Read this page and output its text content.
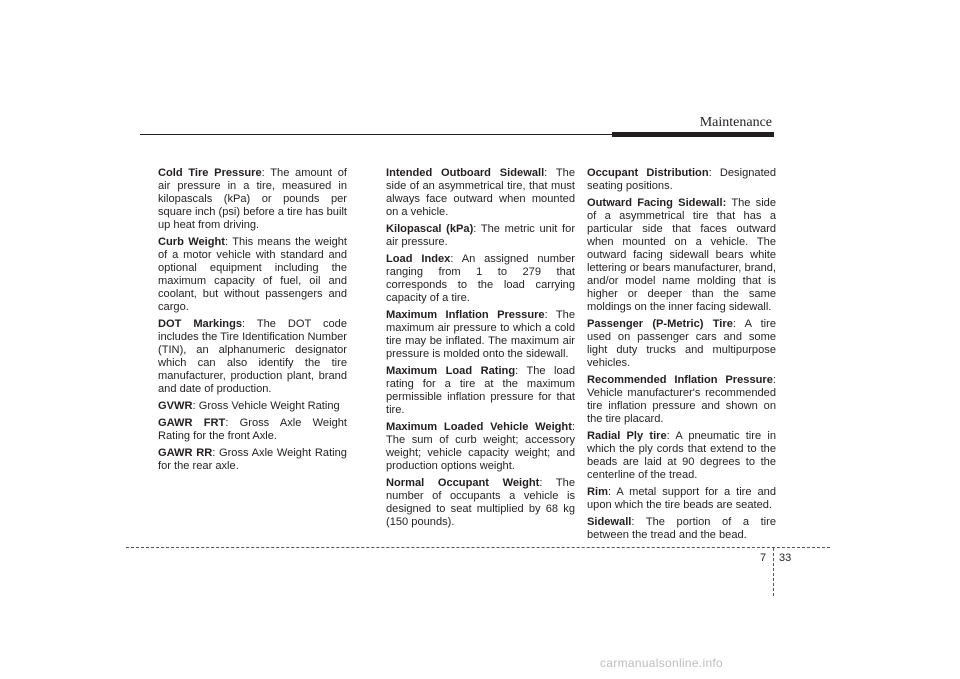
Maintenance

Cold Tire Pressure: The amount of air pressure in a tire, measured in kilopascals (kPa) or pounds per square inch (psi) before a tire has built up heat from driving.

Curb Weight: This means the weight of a motor vehicle with standard and optional equipment including the maximum capacity of fuel, oil and coolant, but without passengers and cargo.

DOT Markings: The DOT code includes the Tire Identification Number (TIN), an alphanumeric designator which can also identify the tire manufacturer, production plant, brand and date of production.

GVWR: Gross Vehicle Weight Rating

GAWR FRT: Gross Axle Weight Rating for the front Axle.

GAWR RR: Gross Axle Weight Rating for the rear axle.

Intended Outboard Sidewall: The side of an asymmetrical tire, that must always face outward when mounted on a vehicle.

Kilopascal (kPa): The metric unit for air pressure.

Load Index: An assigned number ranging from 1 to 279 that corresponds to the load carrying capacity of a tire.

Maximum Inflation Pressure: The maximum air pressure to which a cold tire may be inflated. The maximum air pressure is molded onto the sidewall.

Maximum Load Rating: The load rating for a tire at the maximum permissible inflation pressure for that tire.

Maximum Loaded Vehicle Weight: The sum of curb weight; accessory weight; vehicle capacity weight; and production options weight.

Normal Occupant Weight: The number of occupants a vehicle is designed to seat multiplied by 68 kg (150 pounds).

Occupant Distribution: Designated seating positions.

Outward Facing Sidewall: The side of a asymmetrical tire that has a particular side that faces outward when mounted on a vehicle. The outward facing sidewall bears white lettering or bears manufacturer, brand, and/or model name molding that is higher or deeper than the same moldings on the inner facing sidewall.

Passenger (P-Metric) Tire: A tire used on passenger cars and some light duty trucks and multipurpose vehicles.

Recommended Inflation Pressure: Vehicle manufacturer's recommended tire inflation pressure and shown on the tire placard.

Radial Ply tire: A pneumatic tire in which the ply cords that extend to the beads are laid at 90 degrees to the centerline of the tread.

Rim: A metal support for a tire and upon which the tire beads are seated.

Sidewall: The portion of a tire between the tread and the bead.

7 33
carmanualsonline.info
